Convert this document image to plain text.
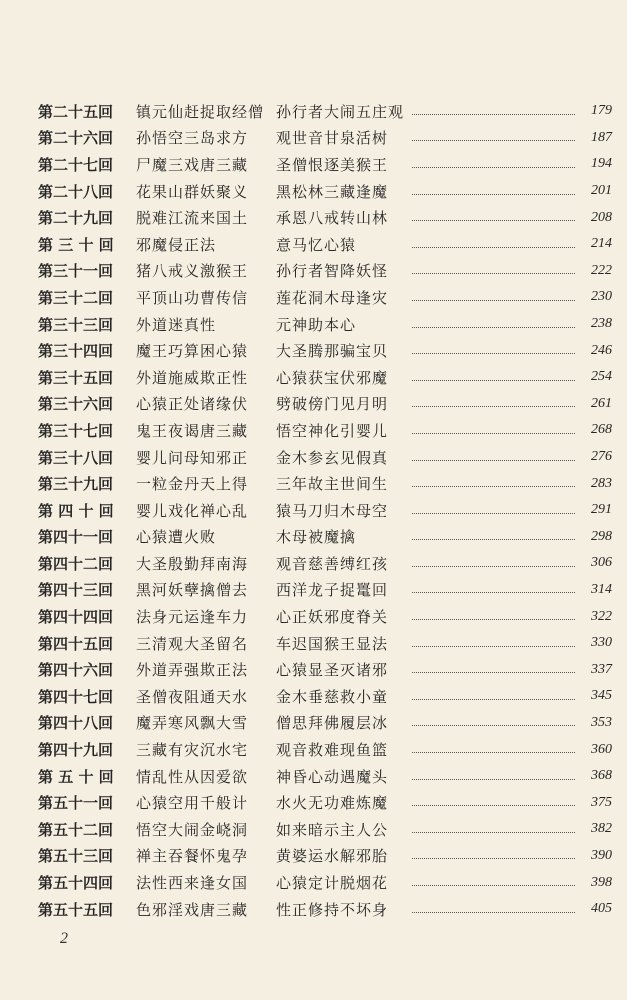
第二十五回	镇元仙赶捉取经僧 孙行者大闹五庄观	179
第二十六回	孙悟空三岛求方	观世音甘泉活树	187
第二十七回	尸魔三戏唐三藏	圣僧恨逐美猴王	194
第二十八回	花果山群妖聚义	黑松林三藏逢魔	201
第二十九回	脱难江流来国土	承恩八戒转山林	208
第 三 十 回	邪魔侵正法	意马忆心猿	214
第三十一回	猪八戒义激猴王	孙行者智降妖怪	222
第三十二回	平顶山功曹传信	莲花洞木母逢灾	230
第三十三回	外道迷真性	元神助本心	238
第三十四回	魔王巧算困心猿	大圣腾那骗宝贝	246
第三十五回	外道施威欺正性	心猿获宝伏邪魔	254
第三十六回	心猿正处诸缘伏	劈破傍门见月明	261
第三十七回	鬼王夜谒唐三藏	悟空神化引婴儿	268
第三十八回	婴儿问母知邪正	金木参玄见假真	276
第三十九回	一粒金丹天上得	三年故主世间生	283
第 四 十 回	婴儿戏化禅心乱	猿马刀归木母空	291
第四十一回	心猿遭火败	木母被魔擒	298
第四十二回	大圣殷勤拜南海	观音慈善缚红孩	306
第四十三回	黑河妖孽擒僧去	西洋龙子捉鼍回	314
第四十四回	法身元运逢车力	心正妖邪度脊关	322
第四十五回	三清观大圣留名	车迟国猴王显法	330
第四十六回	外道弄强欺正法	心猿显圣灭诸邪	337
第四十七回	圣僧夜阻通天水	金木垂慈救小童	345
第四十八回	魔弄寒风飘大雪	僧思拜佛履层冰	353
第四十九回	三藏有灾沉水宅	观音救难现鱼篮	360
第 五 十 回	情乱性从因爱欲	神昏心动遇魔头	368
第五十一回	心猿空用千般计	水火无功难炼魔	375
第五十二回	悟空大闹金峣洞	如来暗示主人公	382
第五十三回	禅主吞餐怀鬼孕	黄婆运水解邪胎	390
第五十四回	法性西来逢女国	心猿定计脱烟花	398
第五十五回	色邪淫戏唐三藏	性正修持不坏身	405
2
